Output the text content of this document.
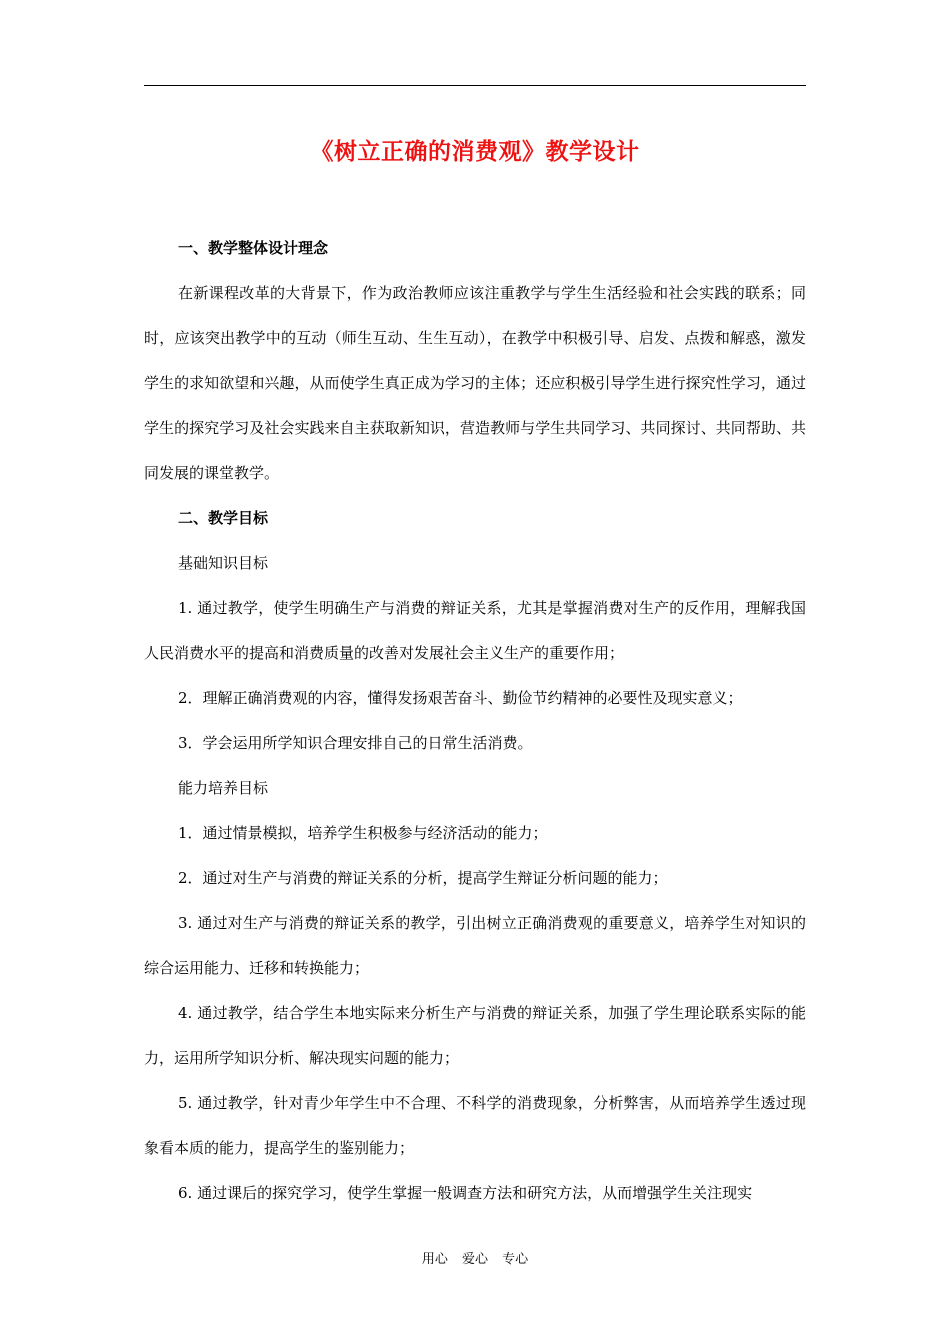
《树立正确的消费观》教学设计
一、教学整体设计理念
在新课程改革的大背景下，作为政治教师应该注重教学与学生生活经验和社会实践的联系；同时，应该突出教学中的互动（师生互动、生生互动），在教学中积极引导、启发、点拨和解惑，激发学生的求知欲望和兴趣，从而使学生真正成为学习的主体；还应积极引导学生进行探究性学习，通过学生的探究学习及社会实践来自主获取新知识，营造教师与学生共同学习、共同探讨、共同帮助、共同发展的课堂教学。
二、教学目标
基础知识目标
1. 通过教学，使学生明确生产与消费的辩证关系，尤其是掌握消费对生产的反作用，理解我国人民消费水平的提高和消费质量的改善对发展社会主义生产的重要作用；
2．理解正确消费观的内容，懂得发扬艰苦奋斗、勤俭节约精神的必要性及现实意义；
3．学会运用所学知识合理安排自己的日常生活消费。
能力培养目标
1．通过情景模拟，培养学生积极参与经济活动的能力；
2．通过对生产与消费的辩证关系的分析，提高学生辩证分析问题的能力；
3. 通过对生产与消费的辩证关系的教学，引出树立正确消费观的重要意义，培养学生对知识的综合运用能力、迁移和转换能力；
4. 通过教学，结合学生本地实际来分析生产与消费的辩证关系，加强了学生理论联系实际的能力，运用所学知识分析、解决现实问题的能力；
5. 通过教学，针对青少年学生中不合理、不科学的消费现象，分析弊害，从而培养学生透过现象看本质的能力，提高学生的鉴别能力；
6. 通过课后的探究学习，使学生掌握一般调查方法和研究方法，从而增强学生关注现实
用心 爱心 专心
